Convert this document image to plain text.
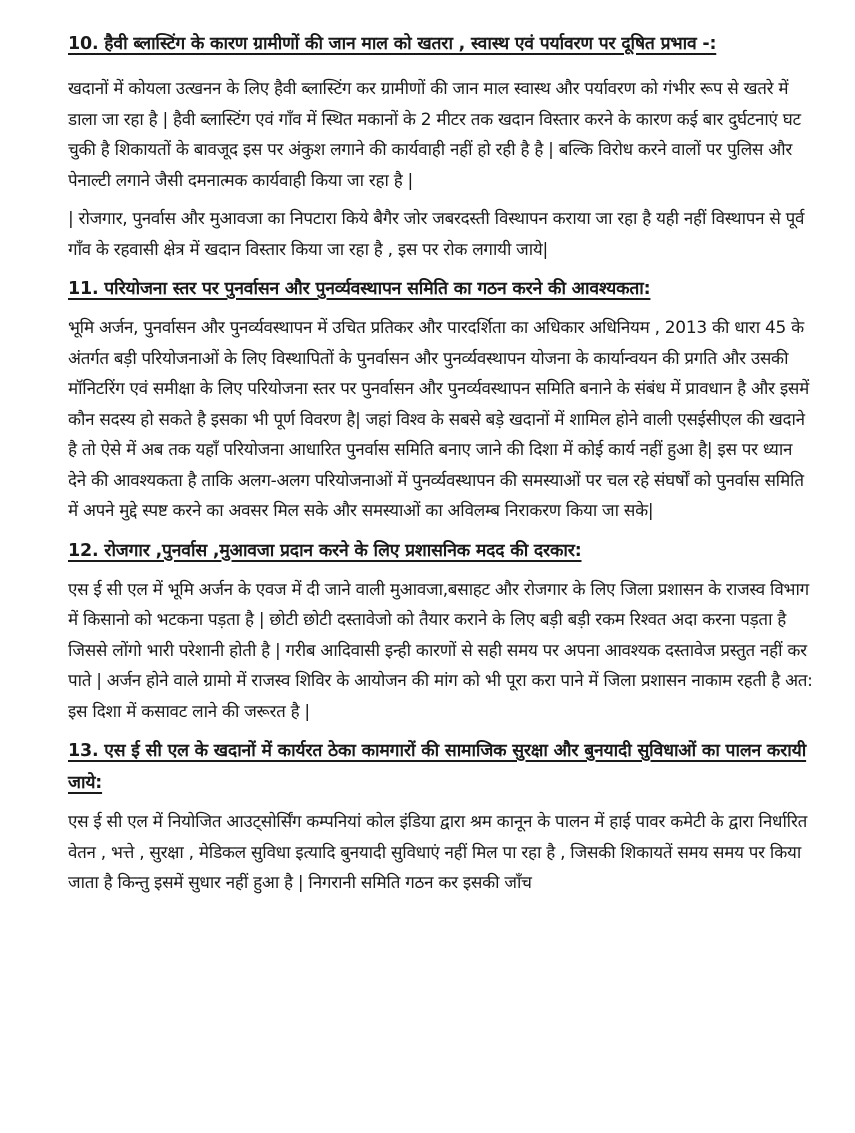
10. हैवी ब्लास्टिंग के कारण ग्रामीणों की जान माल को खतरा , स्वास्थ एवं पर्यावरण पर दूषित प्रभाव -:

खदानों में कोयला उत्खनन के लिए हैवी ब्लास्टिंग कर ग्रामीणों की जान माल स्वास्थ और पर्यावरण को गंभीर रूप से खतरे में डाला जा रहा है | हैवी ब्लास्टिंग एवं गाँव में स्थित मकानों के 2 मीटर तक खदान विस्तार करने के कारण कई बार दुर्घटनाएं घट चुकी है शिकायतों के बावजूद इस पर अंकुश लगाने की कार्यवाही नहीं हो रही है है | बल्कि विरोध करने वालों पर पुलिस और पेनाल्टी लगाने जैसी दमनात्मक कार्यवाही किया जा रहा है |

| रोजगार, पुनर्वास और मुआवजा का निपटारा किये बैगैर जोर जबरदस्ती विस्थापन कराया जा रहा है यही नहीं विस्थापन से पूर्व गाँव के रहवासी क्षेत्र में खदान विस्तार किया जा रहा है , इस पर रोक लगायी जाये|

11. परियोजना स्तर पर पुनर्वासन और पुनर्व्यवस्थापन समिति का गठन करने की आवश्यकता:

भूमि अर्जन, पुनर्वासन और पुनर्व्यवस्थापन में उचित प्रतिकर और पारदर्शिता का अधिकार अधिनियम , 2013 की धारा 45 के अंतर्गत बड़ी परियोजनाओं के लिए विस्थापितों के पुनर्वासन और पुनर्व्यवस्थापन योजना के कार्यान्वयन की प्रगति और उसकी मॉनिटरिंग एवं समीक्षा के लिए परियोजना स्तर पर पुनर्वासन और पुनर्व्यवस्थापन समिति बनाने के संबंध में प्रावधान है और इसमें कौन सदस्य हो सकते है इसका भी पूर्ण विवरण है| जहां विश्व के सबसे बड़े खदानों में शामिल होने वाली एसईसीएल की खदाने है तो ऐसे में अब तक यहाँ परियोजना आधारित पुनर्वास समिति बनाए जाने की दिशा में कोई कार्य नहीं हुआ है| इस पर ध्यान देने की आवश्यकता है ताकि अलग-अलग परियोजनाओं में पुनर्व्यवस्थापन की समस्याओं पर चल रहे संघर्षों को पुनर्वास समिति में अपने मुद्दे स्पष्ट करने का अवसर मिल सके और समस्याओं का अविलम्ब निराकरण किया जा सके|

12. रोजगार ,पुनर्वास ,मुआवजा प्रदान करने के लिए प्रशासनिक मदद की दरकार:

एस ई सी एल में भूमि अर्जन के एवज में दी जाने वाली मुआवजा,बसाहट और रोजगार के लिए जिला प्रशासन के राजस्व विभाग में किसानो को भटकना पड़ता है | छोटी छोटी दस्तावेजो को तैयार कराने के लिए बड़ी बड़ी रकम रिश्वत अदा करना पड़ता है जिससे लोंगो भारी परेशानी होती है | गरीब आदिवासी इन्ही कारणों से सही समय पर अपना आवश्यक दस्तावेज प्रस्तुत नहीं कर पाते | अर्जन होने वाले ग्रामो में राजस्व शिविर के आयोजन की मांग को भी पूरा करा पाने में जिला प्रशासन नाकाम रहती है अत: इस दिशा में कसावट लाने की जरूरत है |

13. एस ई सी एल के खदानों में कार्यरत ठेका कामगारों की सामाजिक सुरक्षा और बुनयादी सुविधाओं का पालन करायी जाये:

एस ई सी एल में नियोजित आउट्सोर्सिंग कम्पनियां कोल इंडिया द्वारा श्रम कानून के पालन में हाई पावर कमेटी के द्वारा निर्धारित वेतन , भत्ते , सुरक्षा , मेडिकल सुविधा इत्यादि बुनयादी सुविधाएं नहीं मिल पा रहा है , जिसकी शिकायतें समय समय पर किया जाता है किन्तु इसमें सुधार नहीं हुआ है | निगरानी समिति गठन कर इसकी जाँच
